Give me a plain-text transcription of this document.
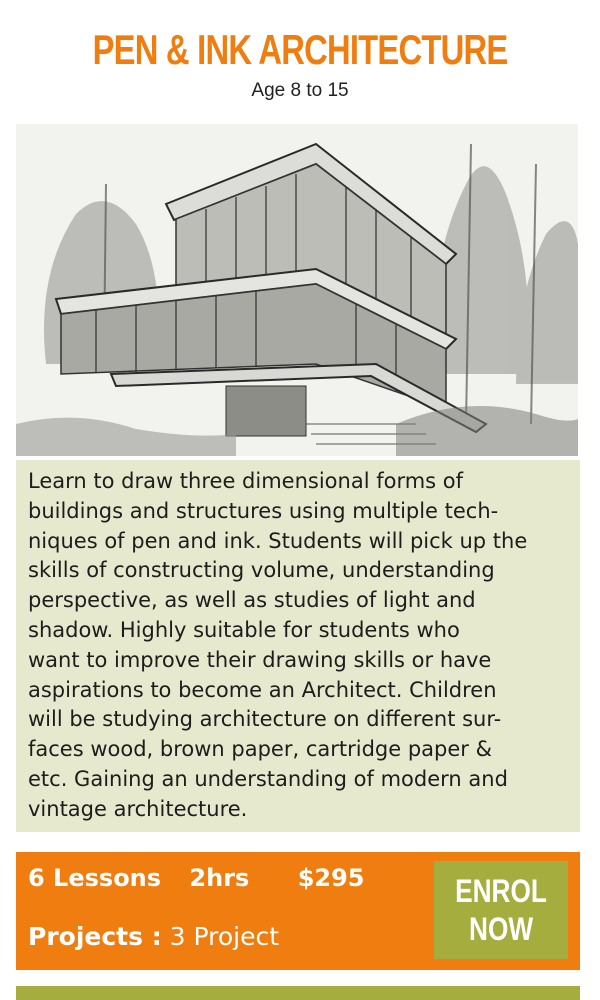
PEN & INK ARCHITECTURE
Age 8 to 15
Learn to draw three dimensional forms of
buildings and structures using multiple tech-
niques of pen and ink. Students will pick up the
skills of constructing volume, understanding
perspective, as well as studies of light and
shadow. Highly suitable for students who
want to improve their drawing skills or have
aspirations to become an Architect. Children
will be studying architecture on different sur-
faces wood, brown paper, cartridge paper &
etc. Gaining an understanding of modern and
vintage architecture.
6 Lessons 2hrs $295
Projects : 3 Project
ENROL
NOW
